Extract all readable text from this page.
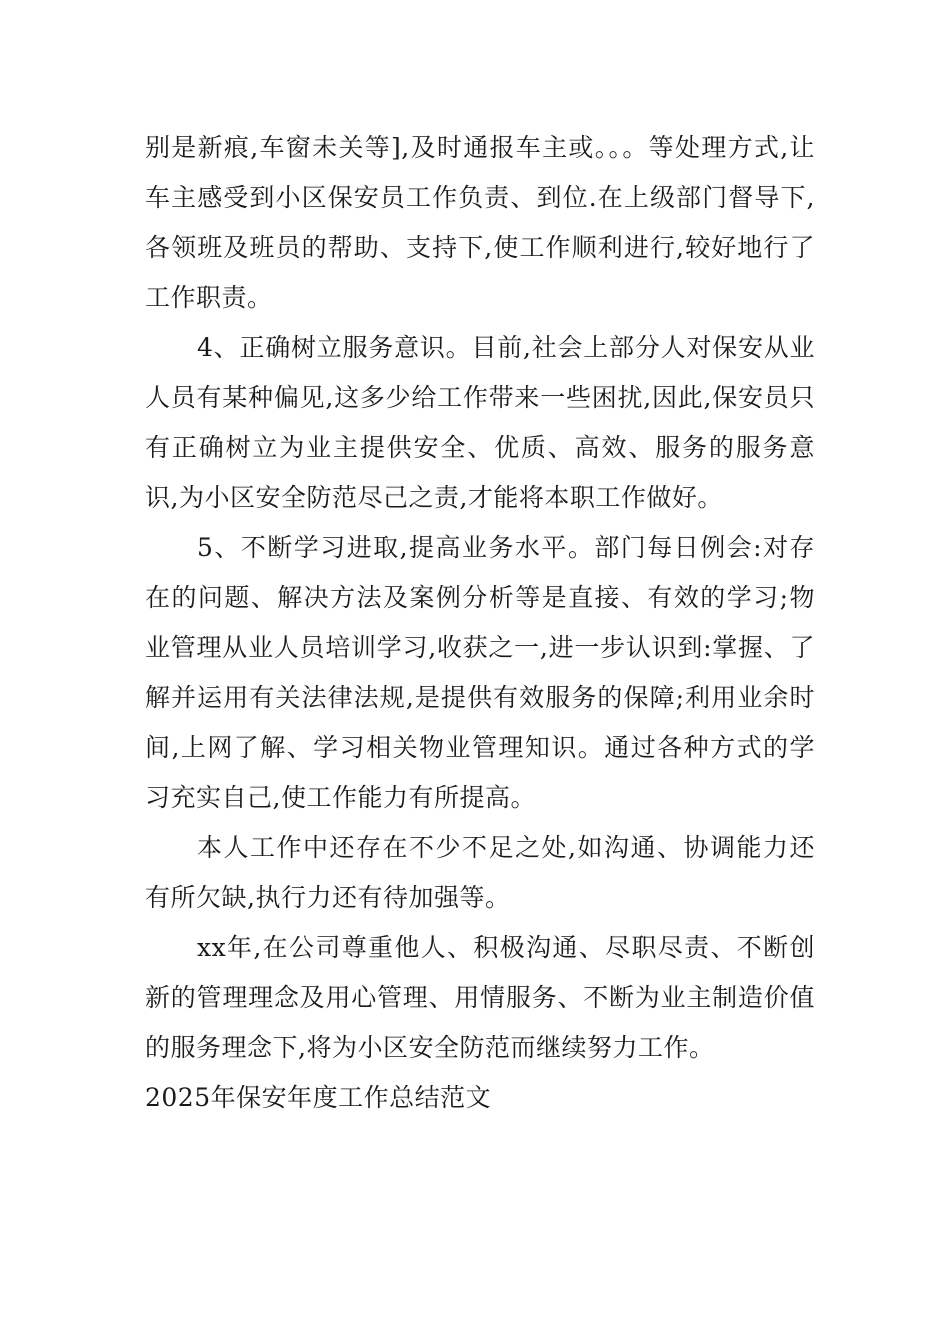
别是新痕,车窗未关等],及时通报车主或。。。等处理方式,让车主感受到小区保安员工作负责、到位.在上级部门督导下,各领班及班员的帮助、支持下,使工作顺利进行,较好地行了工作职责。

4、正确树立服务意识。目前,社会上部分人对保安从业人员有某种偏见,这多少给工作带来一些困扰,因此,保安员只有正确树立为业主提供安全、优质、高效、服务的服务意识,为小区安全防范尽己之责,才能将本职工作做好。

5、不断学习进取,提高业务水平。部门每日例会:对存在的问题、解决方法及案例分析等是直接、有效的学习;物业管理从业人员培训学习,收获之一,进一步认识到:掌握、了解并运用有关法律法规,是提供有效服务的保障;利用业余时间,上网了解、学习相关物业管理知识。通过各种方式的学习充实自己,使工作能力有所提高。

本人工作中还存在不少不足之处,如沟通、协调能力还有所欠缺,执行力还有待加强等。

xx年,在公司尊重他人、积极沟通、尽职尽责、不断创新的管理理念及用心管理、用情服务、不断为业主制造价值的服务理念下,将为小区安全防范而继续努力工作。

2025年保安年度工作总结范文
